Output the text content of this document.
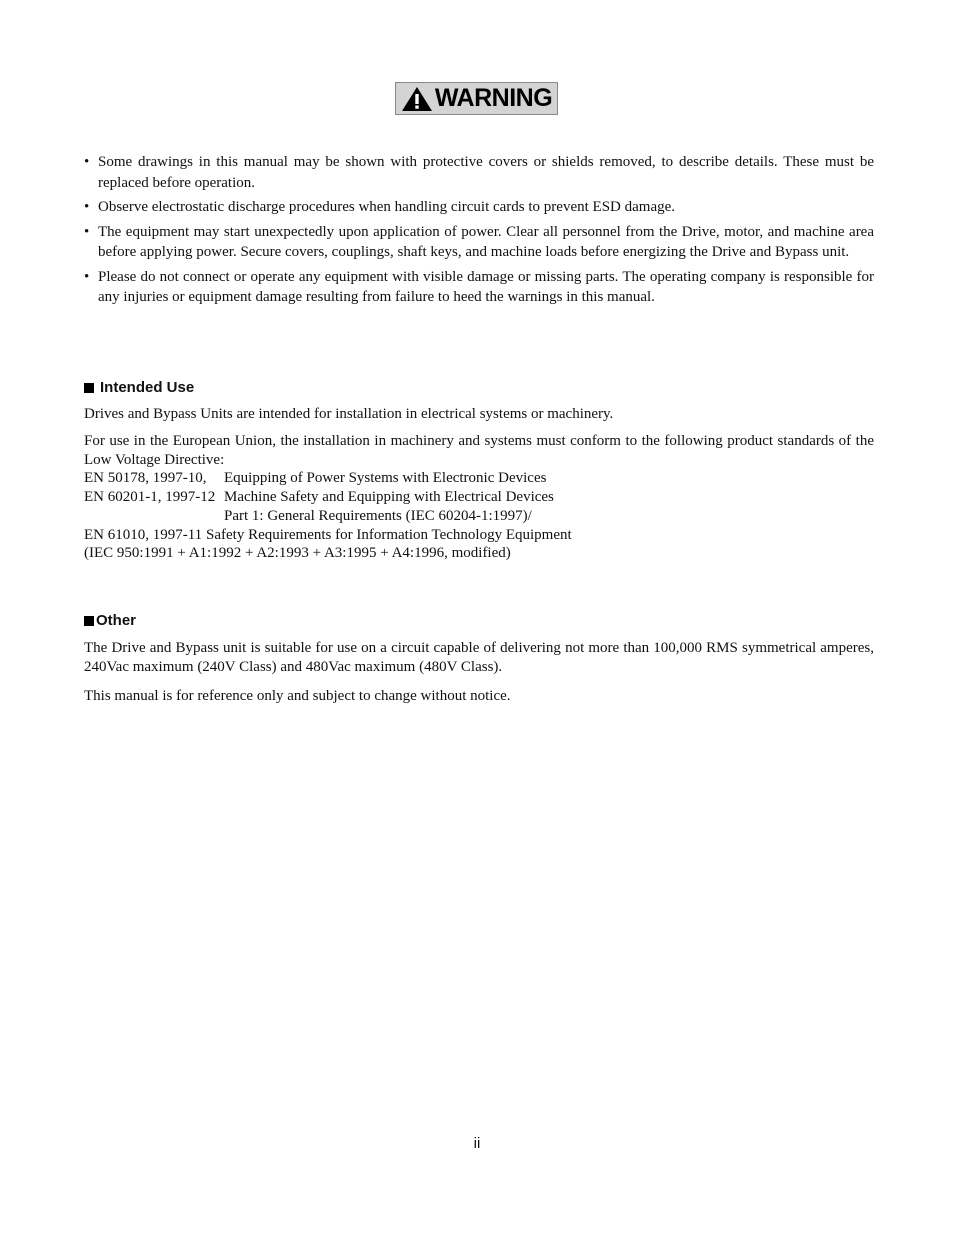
WARNING
• Some drawings in this manual may be shown with protective covers or shields removed, to describe details. These must be replaced before operation.
• Observe electrostatic discharge procedures when handling circuit cards to prevent ESD damage.
• The equipment may start unexpectedly upon application of power. Clear all personnel from the Drive, motor, and machine area before applying power. Secure covers, couplings, shaft keys, and machine loads before energizing the Drive and Bypass unit.
• Please do not connect or operate any equipment with visible damage or missing parts. The operating company is responsible for any injuries or equipment damage resulting from failure to heed the warnings in this manual.
Intended Use

Drives and Bypass Units are intended for installation in electrical systems or machinery.

For use in the European Union, the installation in machinery and systems must conform to the following product standards of the Low Voltage Directive:

EN 50178, 1997-10, Equipping of Power Systems with Electronic Devices
EN 60201-1, 1997-12 Machine Safety and Equipping with Electrical Devices
Part 1: General Requirements (IEC 60204-1:1997)/
EN 61010, 1997-11 Safety Requirements for Information Technology Equipment
(IEC 950:1991 + A1:1992 + A2:1993 + A3:1995 + A4:1996, modified)
Other

The Drive and Bypass unit is suitable for use on a circuit capable of delivering not more than 100,000 RMS symmetrical amperes, 240Vac maximum (240V Class) and 480Vac maximum (480V Class).

This manual is for reference only and subject to change without notice.

ii
